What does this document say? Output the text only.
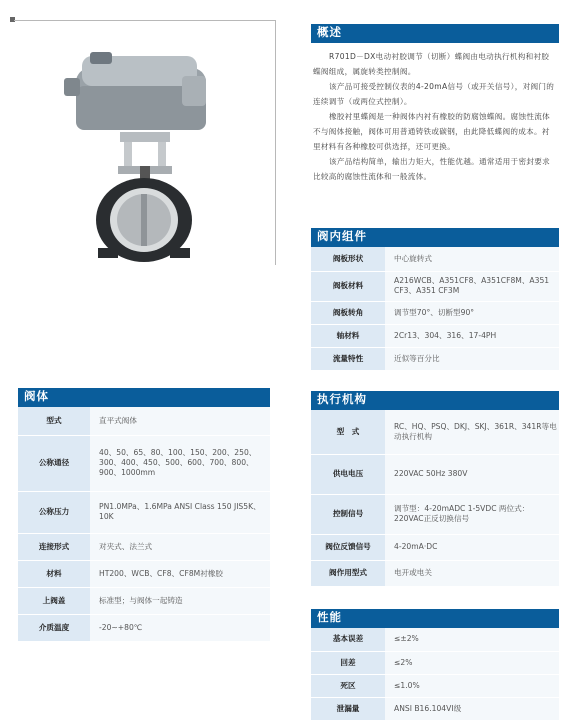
概述

R701D－DX电动衬胶调节（切断）蝶阀由电动执行机构和衬胶蝶阀组成，属旋转类控制阀。

该产品可接受控制仪表的4-20mA信号（或开关信号），对阀门的连续调节（或两位式控制）。

橡胶衬里蝶阀是一种阀体内衬有橡胶的防腐蚀蝶阀。腐蚀性流体不与阀体接触，阀体可用普通铸铁或碳钢，由此降低蝶阀的成本。衬里材料有各种橡胶可供选择，还可更换。

该产品结构简单，输出力矩大，性能优越。通常适用于密封要求比较高的腐蚀性流体和一般流体。

阀内组件
阀板形状	中心旋转式
阀板材料	A216WCB、A351CF8、A351CF8M、A351 CF3、A351 CF3M
阀板转角	调节型70°、切断型90°
轴材料	2Cr13、304、316、17-4PH
流量特性	近似等百分比
阀体
型式	直平式阀体
公称通径	40、50、65、80、100、150、200、250、300、400、450、500、600、700、800、900、1000mm
公称压力	PN1.0MPa、1.6MPa ANSI Class 150 JIS5K、10K
连接形式	对夹式、法兰式
材料	HT200、WCB、CF8、CF8M衬橡胶
上阀盖	标准型；与阀体一起铸造
介质温度	-20~+80℃
执行机构
型　式	RC、HQ、PSQ、DKJ、SKJ、361R、341R等电动执行机构
供电电压	220VAC 50Hz 380V
控制信号	调节型：4-20mADC 1-5VDC 两位式：220VAC正反切换信号
阀位反馈信号	4-20mA·DC
阀作用型式	电开或电关
性能
基本误差	≤±2%
回差	≤2%
死区	≤1.0%
泄漏量	ANSI B16.104VI级
